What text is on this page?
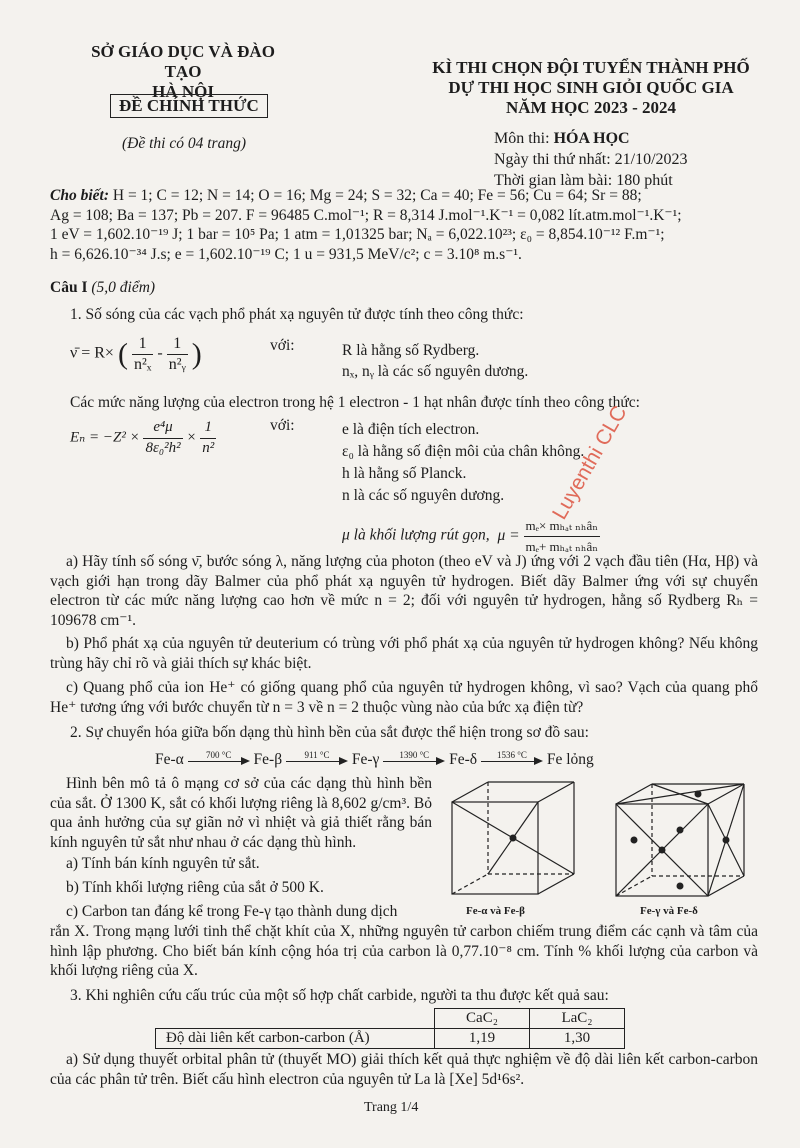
SỞ GIÁO DỤC VÀ ĐÀO TẠO
HÀ NỘI
ĐỀ CHÍNH THỨC
(Đề thi có 04 trang)
KÌ THI CHỌN ĐỘI TUYỂN THÀNH PHỐ
DỰ THI HỌC SINH GIỎI QUỐC GIA
NĂM HỌC 2023 - 2024
Môn thi: HÓA HỌC
Ngày thi thứ nhất: 21/10/2023
Thời gian làm bài: 180 phút
Cho biết: H = 1; C = 12; N = 14; O = 16; Mg = 24; S = 32; Ca = 40; Fe = 56; Cu = 64; Sr = 88;
Ag = 108; Ba = 137; Pb = 207. F = 96485 C.mol⁻¹; R = 8,314 J.mol⁻¹.K⁻¹ = 0,082 lít.atm.mol⁻¹.K⁻¹;
1 eV = 1,602.10⁻¹⁹ J; 1 bar = 10⁵ Pa; 1 atm = 1,01325 bar; Nₐ = 6,022.10²³; ε₀ = 8,854.10⁻¹² F.m⁻¹;
h = 6,626.10⁻³⁴ J.s; e = 1,602.10⁻¹⁹ C; 1 u = 931,5 MeV/c²; c = 3.10⁸ m.s⁻¹.
Câu I (5,0 điểm)
1. Số sóng của các vạch phổ phát xạ nguyên tử được tính theo công thức:
ν̄ = R× ( $\frac{1}{\text{n²ₓ}} - \frac{1}{\text{n²ᵧ}}$ )	với:	R là hằng số Rydberg.
nₓ, nᵧ là các số nguyên dương.
Các mức năng lượng của electron trong hệ 1 electron - 1 hạt nhân được tính theo công thức:
$E_n = -Z^2 \times \frac{\text{e⁴μ}}{\text{8ε₀²h²}} \times \frac{1}{\text{n²}}$	với:	e là điện tích electron.
ε₀ là hằng số điện môi của chân không.
h là hằng số Planck.
n là các số nguyên dương.
μ là khối lượng rút gọn, $\mu = \frac{\text{mₑ× mₕₐₜ ₙₕâₙ}}{\text{mₑ+ mₕₐₜ ₙₕâₙ}}$
Luyenthi CLC
a) Hãy tính số sóng ν̄, bước sóng λ, năng lượng của photon (theo eV và J) ứng với 2 vạch đầu tiên (Hα, Hβ) và vạch giới hạn trong dãy Balmer của phổ phát xạ nguyên tử hydrogen. Biết dãy Balmer ứng với sự chuyển electron từ các mức năng lượng cao hơn về mức n = 2; đối với nguyên tử hydrogen, hằng số Rydberg Rₕ = 109678 cm⁻¹.
b) Phổ phát xạ của nguyên tử deuterium có trùng với phổ phát xạ của nguyên tử hydrogen không? Nếu không trùng hãy chỉ rõ và giải thích sự khác biệt.
c) Quang phổ của ion He⁺ có giống quang phổ của nguyên tử hydrogen không, vì sao? Vạch của quang phổ He⁺ tương ứng với bước chuyển từ n = 3 về n = 2 thuộc vùng nào của bức xạ điện từ?
2. Sự chuyển hóa giữa bốn dạng thù hình bền của sắt được thể hiện trong sơ đồ sau:
Fe-α	700 °C	Fe-β	911 °C	Fe-γ	1390 °C	Fe-δ	1536 °C	Fe lỏng
Hình bên mô tả ô mạng cơ sở của các dạng thù hình bền của sắt. Ở 1300 K, sắt có khối lượng riêng là 8,602 g/cm³. Bỏ qua ảnh hưởng của sự giãn nở vì nhiệt và giả thiết rằng bán kính nguyên tử sắt như nhau ở các dạng thù hình.
a) Tính bán kính nguyên tử sắt.
b) Tính khối lượng riêng của sắt ở 500 K.
c) Carbon tan đáng kể trong Fe-γ tạo thành dung dịch
rắn X. Trong mạng lưới tinh thể chặt khít của X, những nguyên tử carbon chiếm trung điểm các cạnh và tâm của hình lập phương. Cho biết bán kính cộng hóa trị của carbon là 0,77.10⁻⁸ cm. Tính % khối lượng của carbon và khối lượng riêng của X.
Fe-α và Fe-β	Fe-γ và Fe-δ
3. Khi nghiên cứu cấu trúc của một số hợp chất carbide, người ta thu được kết quả sau:
	CaC₂	LaC₂
Độ dài liên kết carbon-carbon (Å)	1,19	1,30
a) Sử dụng thuyết orbital phân tử (thuyết MO) giải thích kết quả thực nghiệm về độ dài liên kết carbon-carbon của các phân tử trên. Biết cấu hình electron của nguyên tử La là [Xe] 5d¹6s².
Trang 1/4
